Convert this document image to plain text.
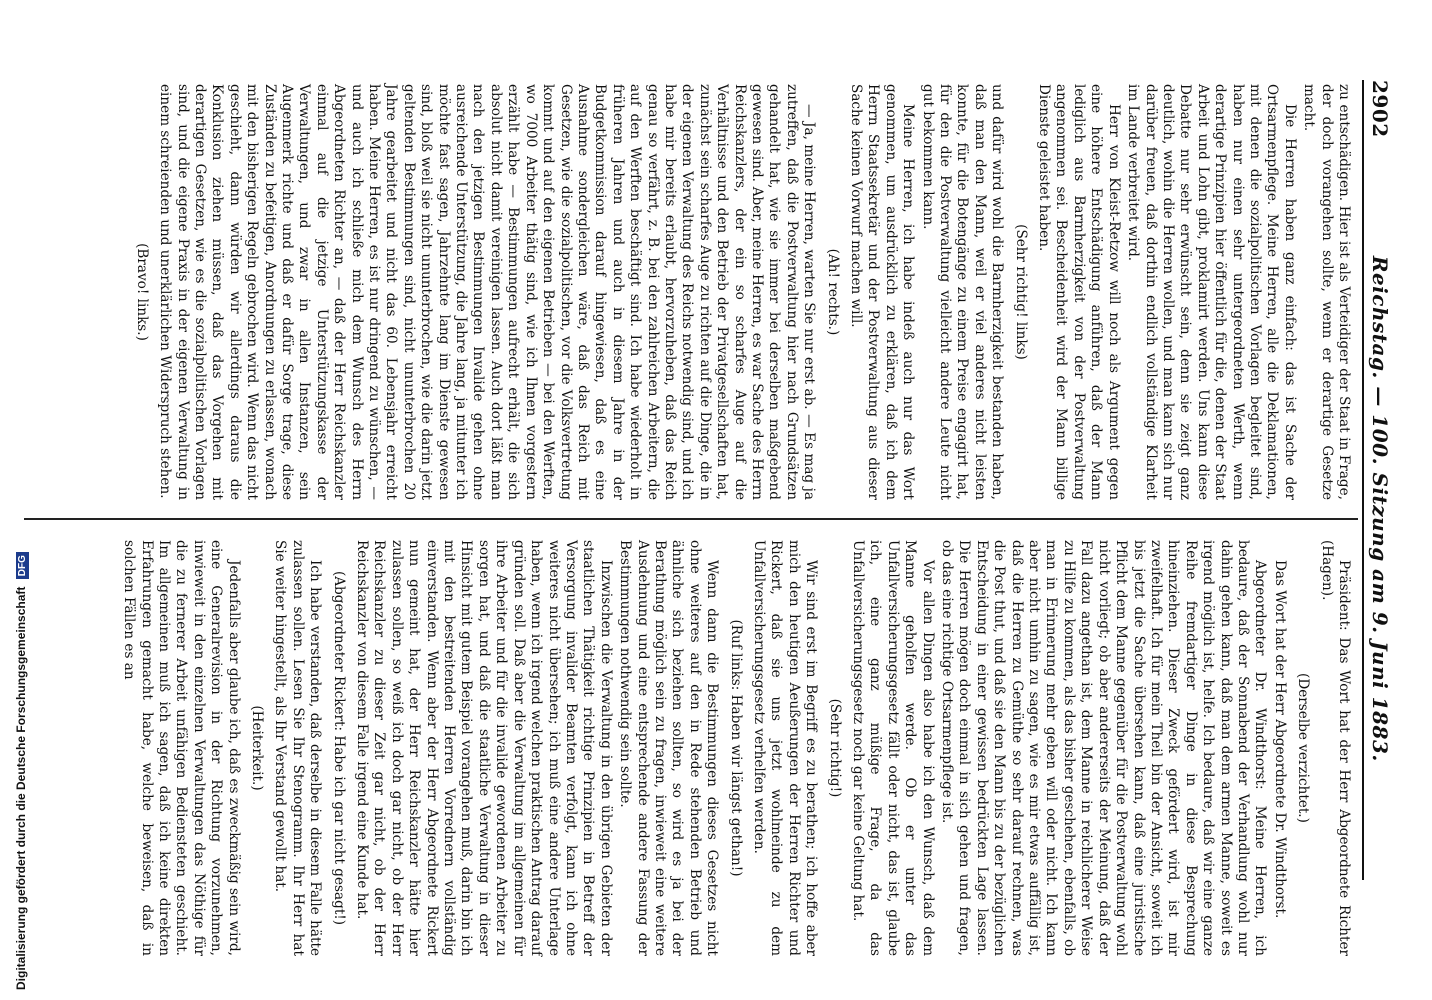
2902
Reichstag. — 100. Sitzung am 9. Juni 1883.

zu entschädigen. Hier ist als Verteidiger der Staat in Frage, der doch vorangehen sollte, wenn er derartige Gesetze macht.

Die Herren haben ganz einfach: das ist Sache der Ortsarmenpflege. Meine Herren, alle die Deklamationen, mit denen die sozialpolitischen Vorlagen begleitet sind, haben nur einen sehr untergeordneten Werth, wenn derartige Prinzipien hier öffentlich für die, denen der Staat Arbeit und Lohn gibt, proklamirt werden. Uns kann diese Debatte nur sehr erwünscht sein, denn sie zeigt ganz deutlich, wohin die Herren wollen, und man kann sich nur darüber freuen, daß dorthin endlich vollständige Klarheit im Lande verbreitet wird.

Herr von Kleist-Retzow will noch als Argument gegen eine höhere Entschädigung anführen, daß der Mann lediglich aus Barmherzigkeit von der Postverwaltung angenommen sei. Bescheidenheit wird der Mann billige Dienste geleistet haben.

(Sehr richtig! links)

und dafür wird wohl die Barmherzigkeit bestanden haben, daß man den Mann, weil er viel anderes nicht leisten konnte, für die Botengänge zu einem Preise engagirt hat, für den die Postverwaltung vielleicht andere Leute nicht gut bekommen kann.

Meine Herren, ich habe indeß auch nur das Wort genommen, um ausdrücklich zu erklären, daß ich dem Herrn Staatssekretär und der Postverwaltung aus dieser Sache keinen Vorwurf machen will.

(Ah! rechts.)

— Ja, meine Herren, warten Sie nur erst ab. — Es mag ja zutreffen, daß die Postverwaltung hier nach Grundsätzen gehandelt hat, wie sie immer bei derselben maßgebend gewesen sind. Aber, meine Herren, es war Sache des Herrn Reichskanzlers, der ein so scharfes Auge auf die Verhältnisse und den Betrieb der Privatgesellschaften hat, zunächst sein scharfes Auge zu richten auf die Dinge, die in der eigenen Verwaltung des Reichs notwendig sind, und ich habe mir bereits erlaubt, hervorzuheben, daß das Reich genau so verfährt, z. B. bei den zahlreichen Arbeitern, die auf den Werften beschäftigt sind. Ich habe wiederholt in früheren Jahren und auch in diesem Jahre in der Budgetkommission darauf hingewiesen, daß es eine Ausnahme sondergleichen wäre, daß das Reich mit Gesetzen, wie die sozialpolitischen, vor die Volksvertretung kommt und auf den eigenen Betrieben — bei den Werften, wo 7000 Arbeiter thätig sind, wie ich Ihnen vorgestern erzählt habe — Bestimmungen aufrecht erhält, die sich absolut nicht damit vereinigen lassen. Auch dort läßt man nach den jetzigen Bestimmungen Invalide gehen ohne ausreichende Unterstützung, die Jahre lang, ja mitunter ich möchte fast sagen, Jahrzehnte lang im Dienste gewesen sind, bloß weil sie nicht ununterbrochen, wie die darin jetzt geltenden Bestimmungen sind, nicht ununterbrochen 20 Jahre gearbeitet und nicht das 60. Lebensjahr erreicht haben. Meine Herren, es ist nur dringend zu wünschen, — und auch ich schließe mich dem Wunsch des Herrn Abgeordneten Richter an, — daß der Herr Reichskanzler einmal auf die jetzige Unterstützungskasse der Verwaltungen, und zwar in allen Instanzen, sein Augenmerk richte und daß er dafür Sorge trage, diese Zuständen zu befeitigen, Anordnungen zu erlassen, wonach mit den bisherigen Regeln gebrochen wird. Wenn das nicht geschieht, dann würden wir allerdings daraus die Konklusion ziehen müssen, daß das Vorgehen mit derartigen Gesetzen, wie es die sozialpolitischen Vorlagen sind, und die eigene Praxis in der eigenen Verwaltung in einem schreienden und unerklärlichen Widerspruch stehen.

(Bravo! links.)

Präsident: Das Wort hat der Herr Abgeordnete Richter (Hagen).

(Derselbe verzichtet.)

Das Wort hat der Herr Abgeordnete Dr. Windthorst.

Abgeordneter Dr. Windthorst: Meine Herren, ich bedaure, daß der Sonnabend der Verhandlung wohl nur dahin gehen kann, daß man dem armen Manne, soweit es irgend möglich ist, helfe. Ich bedaure, daß wir eine ganze Reihe fremdartiger Dinge in diese Besprechung hineinziehen. Dieser Zweck gefördert wird, ist mir zweifelhaft. Ich für mein Theil bin der Ansicht, soweit ich bis jetzt die Sache übersehen kann, daß eine juristische Pflicht dem Manne gegenüber für die Postverwaltung wohl nicht vorliegt; ob aber andererseits der Meinung, daß der Fall dazu angethan ist, dem Manne in reichlicherer Weise zu Hilfe zu kommen, als das bisher geschehen, ebenfalls, ob man in Erinnerung mehr geben will oder nicht. Ich kann aber nicht umhin zu sagen, wie es mir etwas auffällig ist, daß die Herren zu Gemüthe so sehr darauf rechnen, was die Post thut, und daß sie den Mann bis zu der bezüglichen Entscheidung in einer gewissen bedrückten Lage lassen. Die Herren mögen doch einmal in sich gehen und fragen, ob das eine richtige Ortsarmenpflege ist.

Vor allen Dingen also habe ich den Wunsch, daß dem Manne geholfen werde. Ob er unter das Unfallversicherungsgesetz fällt oder nicht, das ist, glaube ich, eine ganz müßige Frage, da das Unfallversicherungsgesetz noch gar keine Geltung hat.

(Sehr richtig!)

Wir sind erst im Begriff es zu berathen; ich hoffe aber mich den heutigen Aeußerungen der Herren Richter und Rickert, daß sie uns jetzt wohlmeinde zu dem Unfallversicherungsgesetz verhelfen werden.

(Ruf links: Haben wir längst gethan!)

Wenn dann die Bestimmungen dieses Gesetzes nicht ohne weiteres auf den in Rede stehenden Betrieb und ähnliche sich beziehen sollten, so wird es ja bei der Berathung möglich sein zu fragen, inwieweit eine weitere Ausdehnung und eine entsprechende andere Fassung der Bestimmungen nothwendig sein sollte.

Inzwischen die Verwaltung in den übrigen Gebieten der staatlichen Thätigkeit richtige Prinzipien in Betreff der Versorgung invalider Beamten verfolgt, kann ich ohne weiteres nicht übersehen; ich muß eine andere Unterlage haben, wenn ich irgend welchen praktischen Antrag darauf gründen soll. Daß aber die Verwaltung im allgemeinen für ihre Arbeiter und für die invalide gewordenen Arbeiter zu sorgen hat, und daß die staatliche Verwaltung in dieser Hinsicht mit gutem Beispiel vorangehen muß, darin bin ich mit den bestreitenden Herren Vorrednern vollständig einverstanden. Wenn aber der Herr Abgeordnete Rickert nun gemeint hat, der Herr Reichskanzler hätte hier zulassen sollen, so weiß ich doch gar nicht, ob der Herr Reichskanzler zu dieser Zeit gar nicht, ob der Herr Reichskanzler von diesem Falle irgend eine Kunde hat.

(Abgeordneter Rickert: Habe ich gar nicht gesagt!)

Ich habe verstanden, daß derselbe in diesem Falle hätte zulassen sollen. Lesen Sie Ihr Stenogramm. Ihr Herr hat Sie weiter hingestellt, als Ihr Verstand gewollt hat.

(Heiterkeit.)

Jedenfalls aber glaube ich, daß es zweckmäßig sein wird, eine Generalrevision in der Richtung vorzunehmen, inwieweit in den einzelnen Verwaltungen das Nöthige für die zu fernerer Arbeit unfähigen Bediensteten geschieht. Im allgemeinen muß ich sagen, daß ich keine direkten Erfahrungen gemacht habe, welche beweisen, daß in solchen Fällen es an

Digitalisierung gefördert durch die Deutsche Forschungsgemeinschaft DFG
